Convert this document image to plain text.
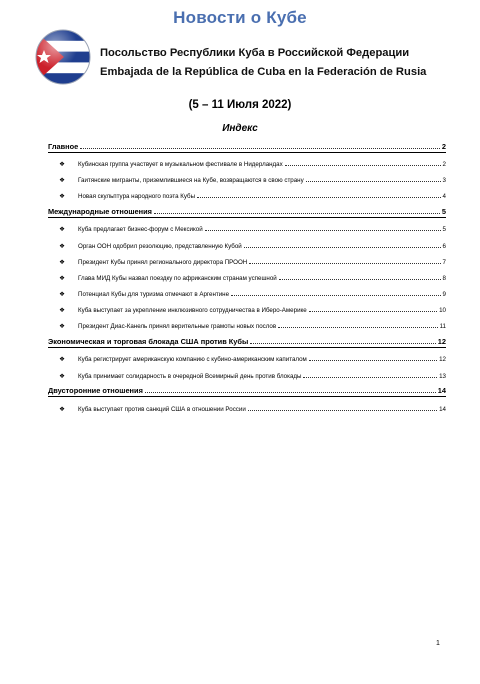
Новости о Кубе
Посольство Республики Куба в Российской Федерации
Embajada de la República de Cuba en la Federación de Rusia
(5 – 11 Июля 2022)
Индекс
Главное	2
❖	Кубинская группа участвует в музыкальном фестивале в Нидерландах	2
❖	Гаитянские мигранты, приземлившиеся на Кубе, возвращаются в свою страну	3
❖	Новая скульптура народного поэта Кубы	4
Международные отношения	5
❖	Куба предлагает бизнес-форум с Мексикой	5
❖	Орган ООН одобрил резолюцию, представленную Кубой	6
❖	Президент Кубы принял регионального директора ПРООН	7
❖	Глава МИД Кубы назвал поездку по африканским странам успешной	8
❖	Потенциал Кубы для туризма отмечают в Аргентине	9
❖	Куба выступает за укрепление инклюзивного сотрудничества в Иберо-Америке	10
❖	Президент Диас-Канель принял верительные грамоты новых послов	11
Экономическая и торговая блокада США против Кубы	12
❖	Куба регистрирует американскую компанию с кубино-американским капиталом	12
❖	Куба принимает солидарность в очередной Всемирный день против блокады	13
Двусторонние отношения	14
❖	Куба выступает против санкций США в отношении России	14
1
